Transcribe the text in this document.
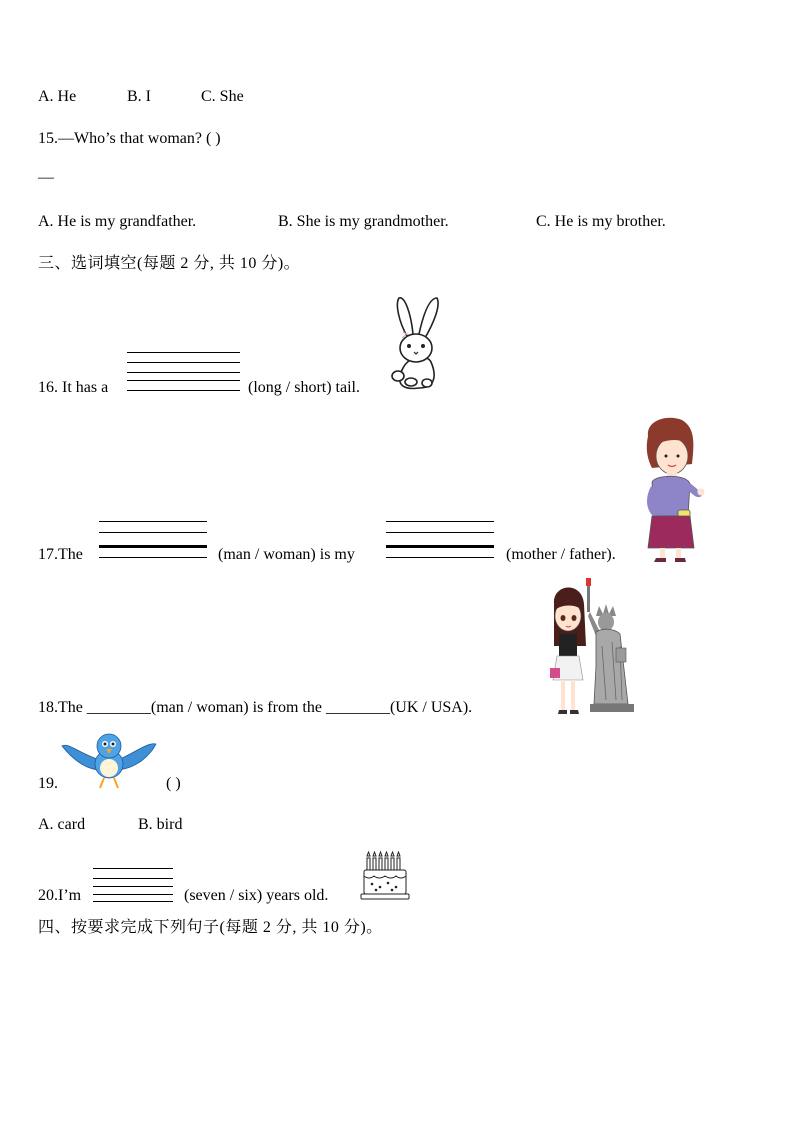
A. He	B. I	C. She
15.—Who’s that woman? ( )
—
A. He is my grandfather.	B. She is my grandmother.	C. He is my brother.
三、选词填空(每题 2 分, 共 10 分)。
16. It has a	(long / short) tail.
17.The	(man / woman) is my	(mother / father).
18.The ________(man / woman) is from the ________(UK / USA).
19.	( )
A. card	B. bird
20.I’m	(seven / six) years old.
四、按要求完成下列句子(每题 2 分, 共 10 分)。
